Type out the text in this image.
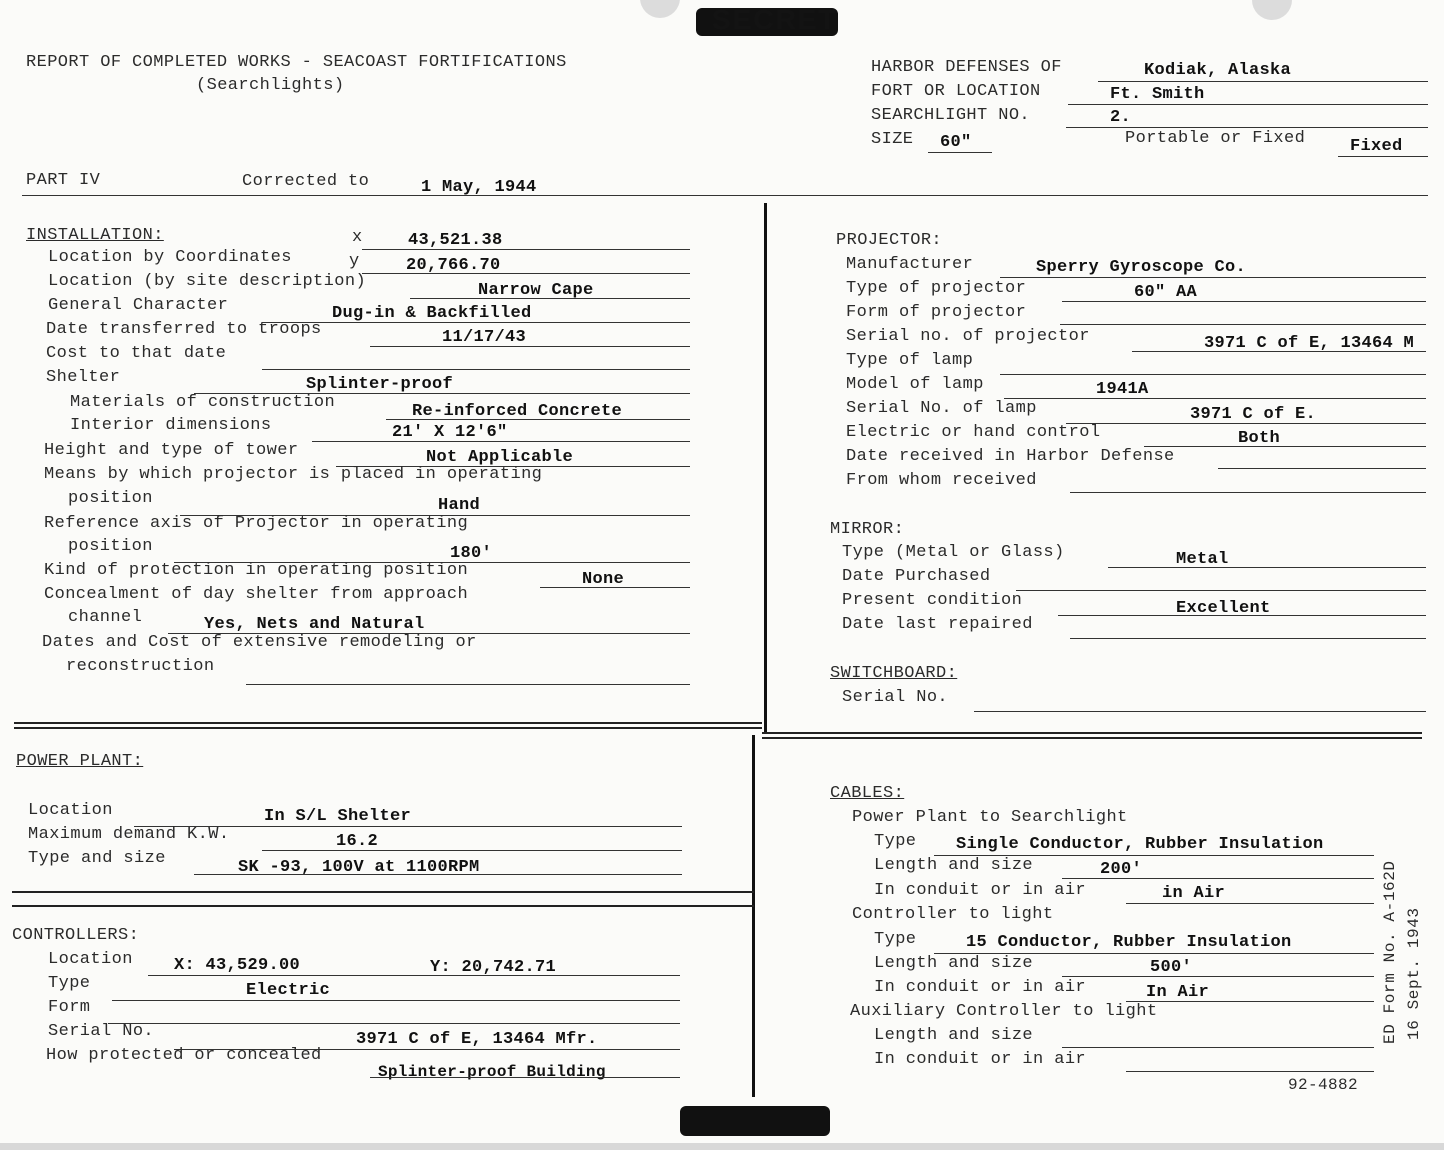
SECRET
REPORT OF COMPLETED WORKS - SEACOAST FORTIFICATIONS
(Searchlights)
HARBOR DEFENSES OF	Kodiak, Alaska
FORT OR LOCATION	Ft. Smith
SEARCHLIGHT NO.	2.
SIZE 60"	Portable or Fixed	Fixed
PART IV	Corrected to	1 May, 1944
INSTALLATION:	x	43,521.38
Location by Coordinates	y	20,766.70
Location (by site description)	Narrow Cape
General Character	Dug-in & Backfilled
Date transferred to troops	11/17/43
Cost to that date
Shelter	Splinter-proof
Materials of construction	Re-inforced Concrete
Interior dimensions	21' X 12'6"
Height and type of tower	Not Applicable
Means by which projector is placed in operating
position	Hand
Reference axis of Projector in operating
position	180'
Kind of protection in operating position	None
Concealment of day shelter from approach
channel	Yes, Nets and Natural
Dates and Cost of extensive remodeling or
reconstruction
PROJECTOR:
Manufacturer	Sperry Gyroscope Co.
Type of projector	60" AA
Form of projector
Serial no. of projector	3971 C of E, 13464 M
Type of lamp
Model of lamp	1941A
Serial No. of lamp	3971 C of E.
Electric or hand control	Both
Date received in Harbor Defense
From whom received
MIRROR:
Type (Metal or Glass)	Metal
Date Purchased
Present condition	Excellent
Date last repaired
SWITCHBOARD:
Serial No.
POWER PLANT:
Location	In S/L Shelter
Maximum demand K.W.	16.2
Type and size	SK -93, 100V at 1100RPM
CONTROLLERS:
Location X: 43,529.00	Y: 20,742.71
Type	Electric
Form
Serial No.	3971 C of E, 13464 Mfr.
How protected or concealed
Splinter-proof Building
CABLES:
Power Plant to Searchlight
Type Single Conductor, Rubber Insulation
Length and size	200'
In conduit or in air	in Air
Controller to light
Type	15 Conductor, Rubber Insulation
Length and size	500'
In conduit or in air	In Air
Auxiliary Controller to light
Length and size
In conduit or in air
ED Form No. A-162D 16 Sept. 1943
92-4882
